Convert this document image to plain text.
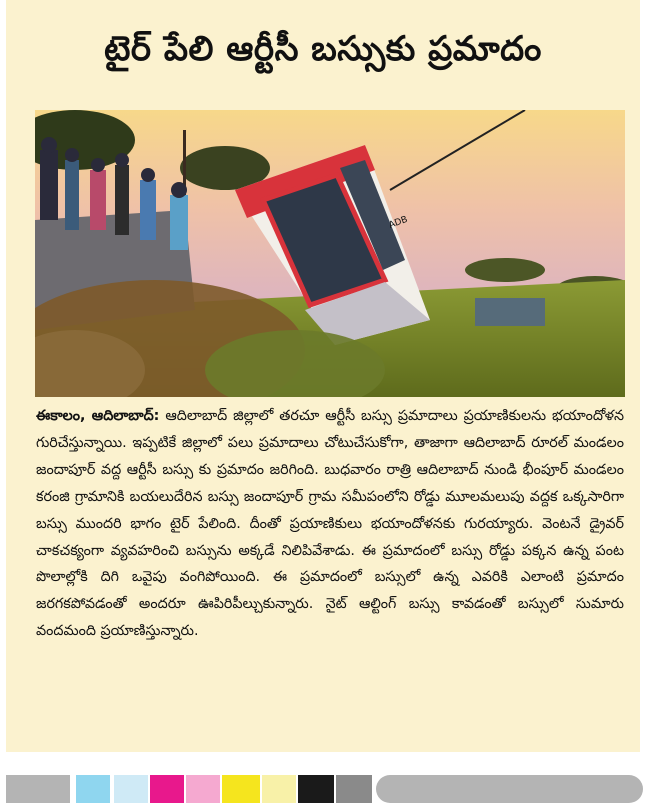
టైర్ పేలి ఆర్టీసీ బస్సుకు ప్రమాదం
ADB

ఈకాలం, ఆదిలాబాద్: ఆదిలాబాద్ జిల్లాలో తరచూ ఆర్టీసీ బస్సు ప్రమాదాలు ప్రయాణికులను భయాందోళన గురిచేస్తున్నాయి. ఇప్పటికే జిల్లాలో పలు ప్రమాదాలు చోటుచేసుకోగా, తాజాగా ఆదిలాబాద్ రూరల్ మండలం జందాపూర్ వద్ద ఆర్టీసీ బస్సు కు ప్రమాదం జరిగింది. బుధవారం రాత్రి ఆదిలాబాద్ నుండి భీంపూర్ మండలం కరంజి గ్రామానికి బయలుదేరిన బస్సు జందాపూర్ గ్రామ సమీపంలోని రోడ్డు మూలమలుపు వద్దక ఒక్కసారిగా బస్సు ముందరి భాగం టైర్ పేలింది. దీంతో ప్రయాణికులు భయాందోళనకు గురయ్యారు. వెంటనే డ్రైవర్ చాకచక్యంగా వ్యవహరించి బస్సును అక్కడే నిలిపివేశాడు. ఈ ప్రమాదంలో బస్సు రోడ్డు పక్కన ఉన్న పంట పొలాల్లోకి దిగి ఒవైపు వంగిపోయింది. ఈ ప్రమాదంలో బస్సులో ఉన్న ఎవరికి ఎలాంటి ప్రమాదం జరగకపోవడంతో అందరూ ఊపిరిపీల్చుకున్నారు. నైట్ ఆల్టింగ్ బస్సు కావడంతో బస్సులో సుమారు వందమంది ప్రయాణిస్తున్నారు.
